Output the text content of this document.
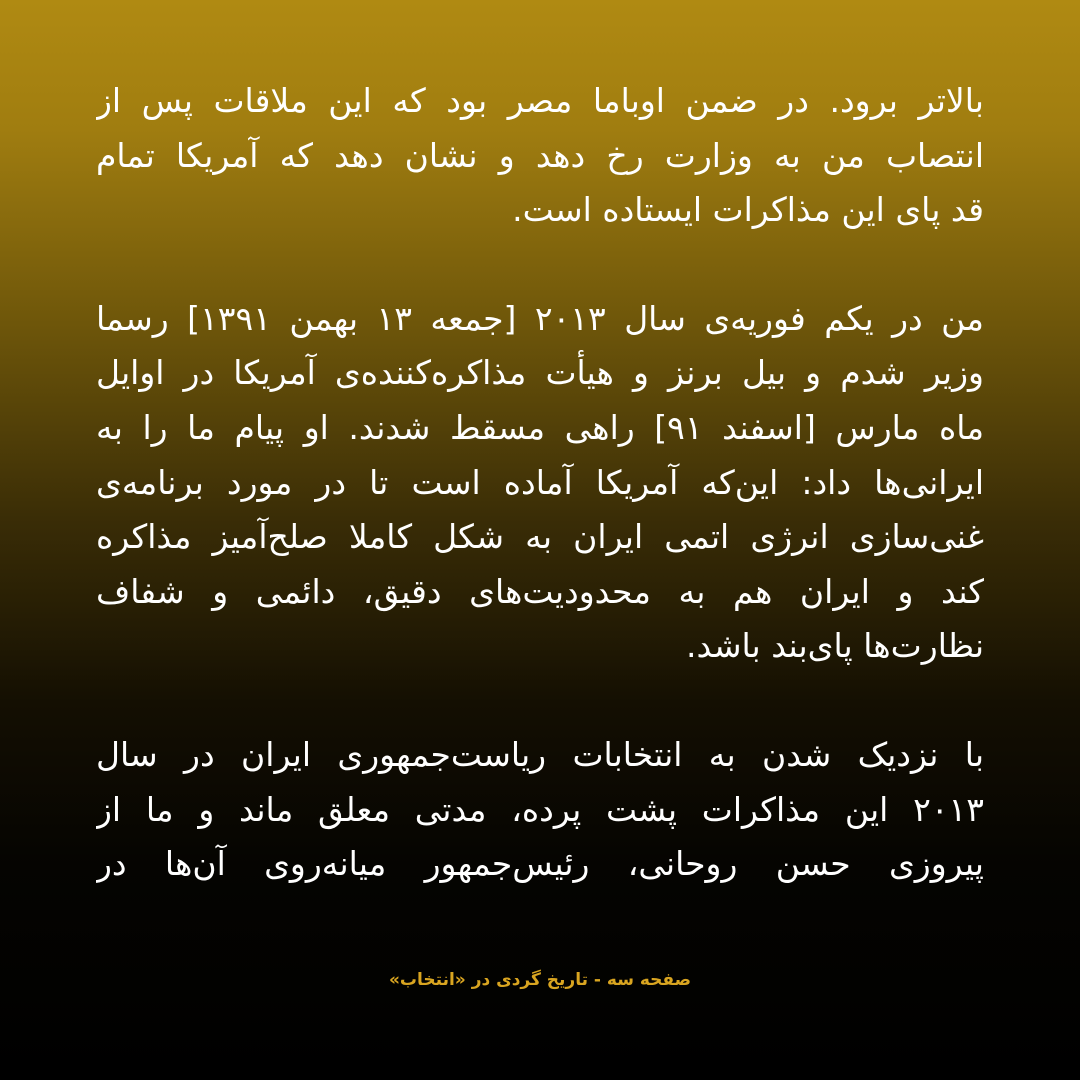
بالاتر برود. در ضمن اوباما مصر بود که این ملاقات پس از
انتصاب من به وزارت رخ دهد و نشان دهد که آمریکا تمام
قد پای این مذاکرات ایستاده است.
من در یکم فوریه‌ی سال ۲۰۱۳ [جمعه ۱۳ بهمن ۱۳۹۱] رسما
وزیر شدم و بیل برنز و هیأت مذاکره‌کننده‌ی آمریکا در اوایل
ماه مارس [اسفند ۹۱] راهی مسقط شدند. او پیام ما را به
ایرانی‌ها داد: این‌که آمریکا آماده است تا در مورد برنامه‌ی
غنی‌سازی انرژی اتمی ایران به شکل کاملا صلح‌آمیز مذاکره
کند و ایران هم به محدودیت‌های دقیق، دائمی و شفاف
نظارت‌ها پای‌بند باشد.
با نزدیک شدن به انتخابات ریاست‌جمهوری ایران در سال
۲۰۱۳ این مذاکرات پشت پرده، مدتی معلق ماند و ما از
پیروزی حسن روحانی، رئیس‌جمهور میانه‌روی آن‌ها در
صفحه سه - تاریخ گردی در «انتخاب»
